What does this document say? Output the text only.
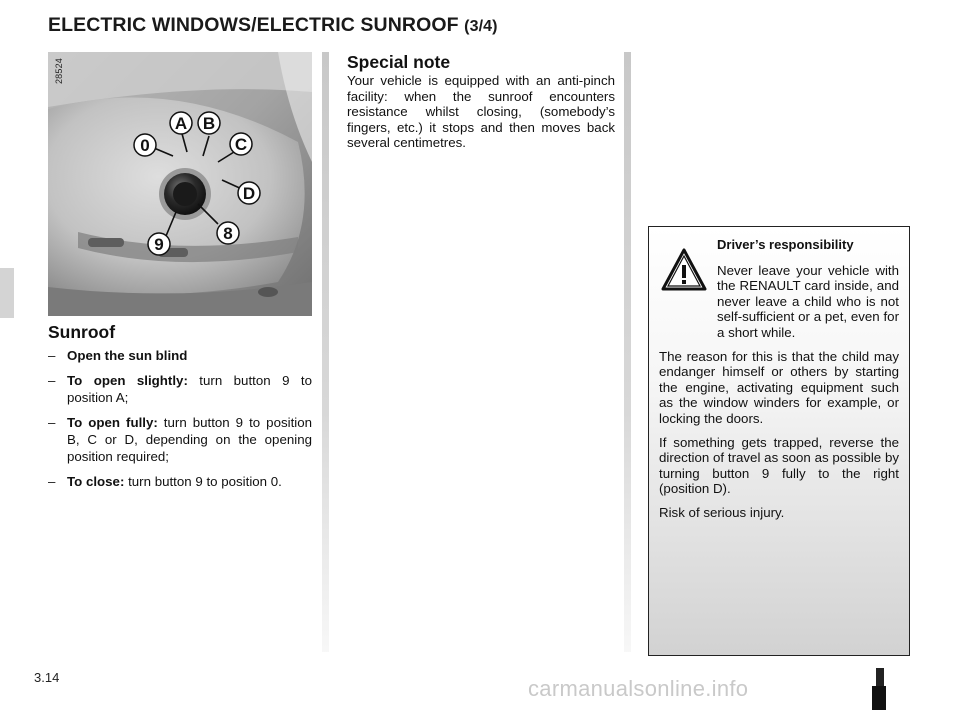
ELECTRIC WINDOWS/ELECTRIC SUNROOF (3/4)
A B
C
0
D
8
9
28524
Sunroof
– Open the sun blind
– To open slightly: turn button 9 to position A;
– To open fully: turn button 9 to position B, C or D, depending on the opening position required;
– To close: turn button 9 to position 0.
Special note
Your vehicle is equipped with an anti-pinch facility: when the sunroof encounters resistance whilst closing, (somebody’s fingers, etc.) it stops and then moves back several centimetres.
Driver’s responsibility

Never leave your vehicle with the RENAULT card inside, and never leave a child who is not self-sufficient or a pet, even for a short while.

The reason for this is that the child may endanger himself or others by starting the engine, activating equipment such as the window winders for example, or locking the doors.

If something gets trapped, reverse the direction of travel as soon as possible by turning button 9 fully to the right (position D).

Risk of serious injury.

3.14	carmanualsonline.info
